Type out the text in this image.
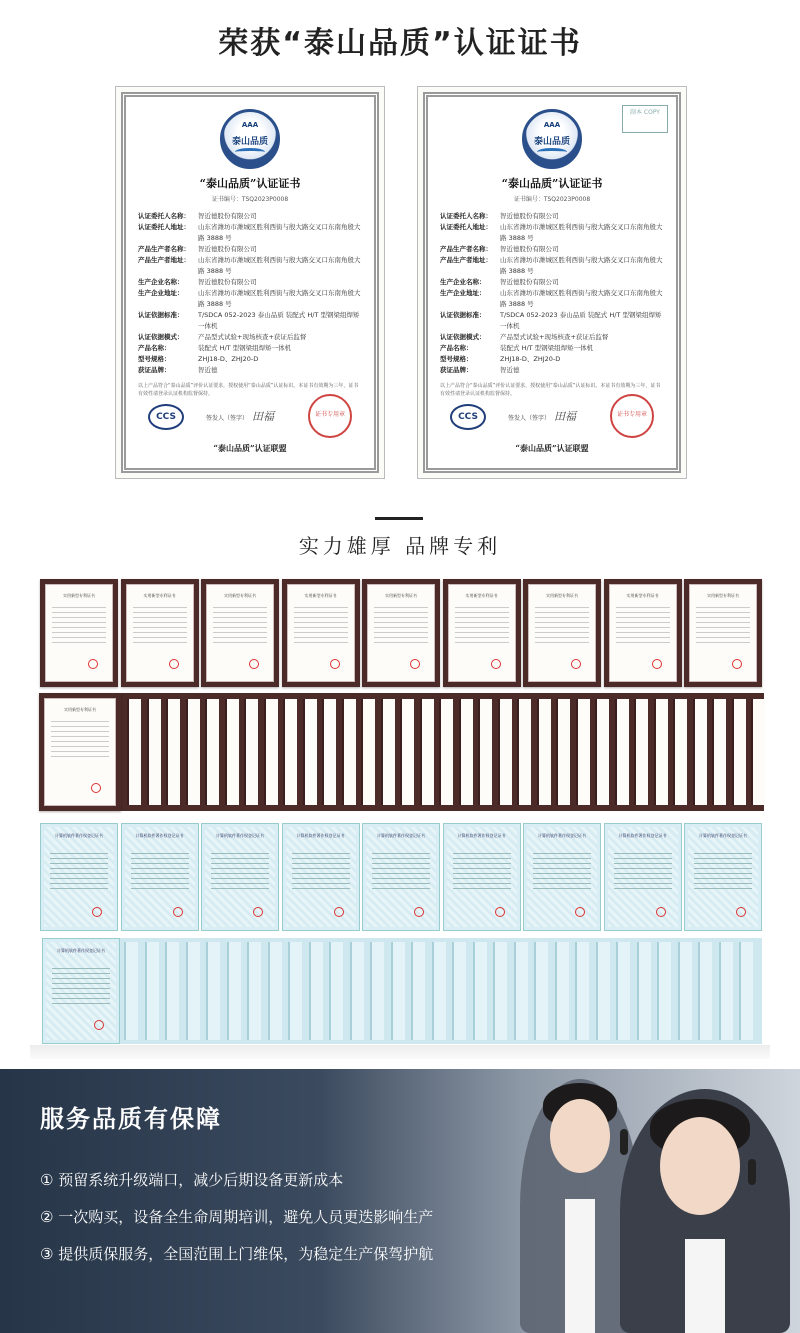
荣获“泰山品质”认证证书
AAA
泰山品质
“泰山品质”认证证书
证书编号：TSQ2023P0008
认证委托人名称：	智近德股份有限公司
认证委托人地址：	山东省潍坊市潍城区胜利西街与殷大路交叉口东南角殷大路 3888 号
产品生产者名称：	智近德股份有限公司
产品生产者地址：	山东省潍坊市潍城区胜利西街与殷大路交叉口东南角殷大路 3888 号
生产企业名称：	智近德股份有限公司
生产企业地址：	山东省潍坊市潍城区胜利西街与殷大路交叉口东南角殷大路 3888 号
认证依据标准：	T/SDCA 052-2023 泰山品质 装配式 H/T 型钢梁组焊矫一体机
认证依据模式：	产品型式试验+现场核查+获证后监督
产品名称：	装配式 H/T 型钢梁组焊矫一体机
型号规格：	ZHJ18-D、ZHJ20-D
获证品牌：	智近德
以上产品符合“泰山品质”评价认证要求，授权使用“泰山品质”认证标识。本证书有效期为三年，证书有效性请登录认证机构监督保持。
CCS	签发人（签字） 田福	证书专用章
“泰山品质”认证联盟
副本 COPY
AAA
泰山品质
“泰山品质”认证证书
证书编号：TSQ2023P0008
认证委托人名称：	智近德股份有限公司
认证委托人地址：	山东省潍坊市潍城区胜利西街与殷大路交叉口东南角殷大路 3888 号
产品生产者名称：	智近德股份有限公司
产品生产者地址：	山东省潍坊市潍城区胜利西街与殷大路交叉口东南角殷大路 3888 号
生产企业名称：	智近德股份有限公司
生产企业地址：	山东省潍坊市潍城区胜利西街与殷大路交叉口东南角殷大路 3888 号
认证依据标准：	T/SDCA 052-2023 泰山品质 装配式 H/T 型钢梁组焊矫一体机
认证依据模式：	产品型式试验+现场核查+获证后监督
产品名称：	装配式 H/T 型钢梁组焊矫一体机
型号规格：	ZHJ18-D、ZHJ20-D
获证品牌：	智近德
以上产品符合“泰山品质”评价认证要求，授权使用“泰山品质”认证标识。本证书有效期为三年，证书有效性请登录认证机构监督保持。
CCS	签发人（签字） 田福	证书专用章
“泰山品质”认证联盟
实力雄厚 品牌专利
实用新型专利证书	实用新型专利证书	实用新型专利证书	实用新型专利证书	实用新型专利证书	实用新型专利证书	实用新型专利证书	实用新型专利证书	实用新型专利证书
实用新型专利证书
计算机软件著作权登记证书	计算机软件著作权登记证书	计算机软件著作权登记证书	计算机软件著作权登记证书	计算机软件著作权登记证书	计算机软件著作权登记证书	计算机软件著作权登记证书	计算机软件著作权登记证书	计算机软件著作权登记证书
计算机软件著作权登记证书
服务品质有保障
① 预留系统升级端口，减少后期设备更新成本
② 一次购买，设备全生命周期培训，避免人员更迭影响生产
③ 提供质保服务，全国范围上门维保，为稳定生产保驾护航
